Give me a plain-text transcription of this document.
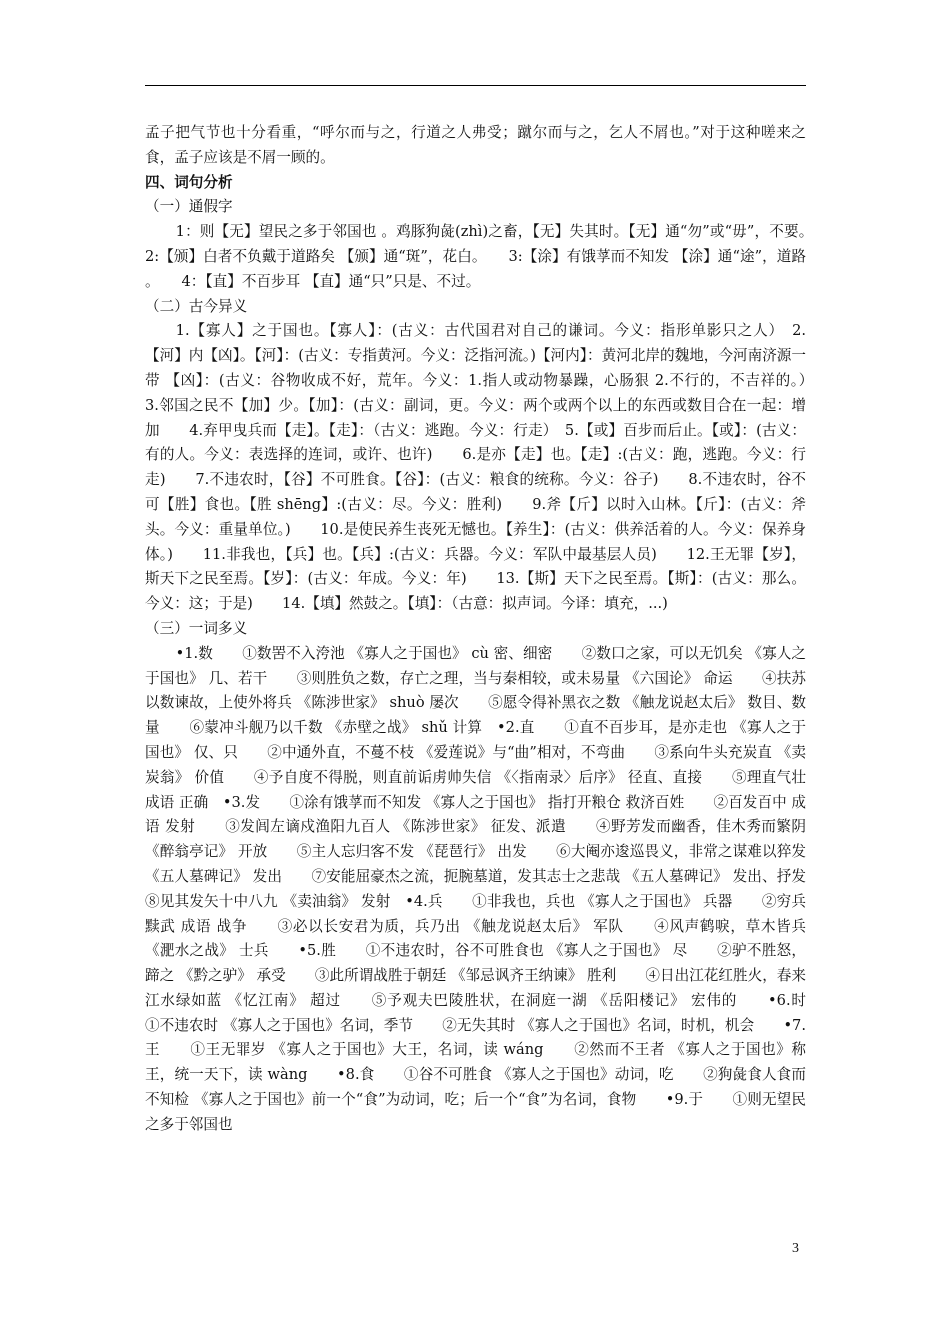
孟子把气节也十分看重，“呼尔而与之，行道之人弗受；蹴尔而与之，乞人不屑也。”对于这种嗟来之食，孟子应该是不屑一顾的。

四、词句分析

（一）通假字

1：则【无】望民之多于邻国也 。鸡豚狗彘(zhì)之畜，【无】失其时。【无】通“勿”或“毋”，不要。　　2:【颁】白者不负戴于道路矣 【颁】通“斑”，花白。　　3:【涂】有饿莩而不知发 【涂】通“途”，道路 。　　4：【直】不百步耳 【直】通“只”只是、不过。

（二）古今异义

1.【寡人】之于国也。【寡人】：(古义：古代国君对自己的谦词。今义：指形单影只之人）　2.【河】内【凶】。【河】：(古义：专指黄河。今义：泛指河流。)【河内】：黄河北岸的魏地，今河南济源一带 【凶】：(古义：谷物收成不好，荒年。今义：1.指人或动物暴躁，心肠狠 2.不行的，不吉祥的。）　　3.邻国之民不【加】少。【加】：(古义：副词，更。今义：两个或两个以上的东西或数目合在一起：增加　　4.弃甲曳兵而【走】。【走】：（古义：逃跑。今义：行走）　5.【或】百步而后止。【或】：(古义：有的人。今义：表选择的连词，或许、也许)　　6.是亦【走】也。【走】:(古义：跑，逃跑。今义：行走)　　7.不违农时，【谷】不可胜食。【谷】：(古义：粮食的统称。今义：谷子)　　8.不违农时，谷不可【胜】食也。【胜 shēng】:(古义：尽。今义：胜利)　　9.斧【斤】以时入山林。【斤】：(古义：斧头。今义：重量单位。)　　10.是使民养生丧死无憾也。【养生】：(古义：供养活着的人。今义：保养身体。)　　11.非我也，【兵】也。【兵】:(古义：兵器。今义：军队中最基层人员)　　12.王无罪【岁】，斯天下之民至焉。【岁】：(古义：年成。今义：年)　　13.【斯】天下之民至焉。【斯】：(古义：那么。今义：这；于是)　　14.【填】然鼓之。【填】：（古意：拟声词。今译：填充，...)

（三）一词多义

•1.数　　①数罟不入洿池 《寡人之于国也》 cù 密、细密　　②数口之家，可以无饥矣 《寡人之于国也》 几、若干　　③则胜负之数，存亡之理，当与秦相较，或未易量 《六国论》 命运　　④扶苏以数谏故，上使外将兵 《陈涉世家》 shuò 屡次　　⑤愿令得补黑衣之数 《触龙说赵太后》 数目、数量　　⑥蒙冲斗舰乃以千数 《赤壁之战》 shǔ 计算　•2.直　　①直不百步耳，是亦走也 《寡人之于国也》 仅、只　　②中通外直，不蔓不枝 《爱莲说》与“曲”相对，不弯曲　　③系向牛头充炭直 《卖炭翁》 价值　　④予自度不得脱，则直前诟虏帅失信 《〈指南录〉后序》 径直、直接　　⑤理直气壮 成语 正确　•3.发　　①涂有饿莩而不知发 《寡人之于国也》 指打开粮仓 救济百姓　　②百发百中 成语 发射　　③发闾左谪戍渔阳九百人 《陈涉世家》 征发、派遣　　④野芳发而幽香，佳木秀而繁阴 《醉翁亭记》 开放　　⑤主人忘归客不发 《琵琶行》 出发　　⑥大阉亦逡巡畏义，非常之谋难以猝发 《五人墓碑记》 发出　　⑦安能屈豪杰之流，扼腕墓道，发其志士之悲哉 《五人墓碑记》 发出、抒发　　⑧见其发矢十中八九 《卖油翁》 发射　•4.兵　　①非我也，兵也 《寡人之于国也》 兵器　　②穷兵黩武 成语 战争　　③必以长安君为质，兵乃出 《触龙说赵太后》 军队　　④风声鹤唳，草木皆兵 《淝水之战》 士兵　　•5.胜　　①不违农时，谷不可胜食也 《寡人之于国也》 尽　　②驴不胜怒，蹄之 《黔之驴》 承受　　③此所谓战胜于朝廷 《邹忌讽齐王纳谏》 胜利　　④日出江花红胜火，春来江水绿如蓝 《忆江南》 超过　　⑤予观夫巴陵胜状，在洞庭一湖 《岳阳楼记》 宏伟的　　•6.时　　①不违农时 《寡人之于国也》名词，季节　　②无失其时 《寡人之于国也》名词，时机，机会　　•7.王　　①王无罪岁 《寡人之于国也》大王，名词，读 wáng　　②然而不王者 《寡人之于国也》称王，统一天下，读 wàng　　•8.食　　①谷不可胜食 《寡人之于国也》动词，吃　　②狗彘食人食而不知检 《寡人之于国也》前一个“食”为动词，吃；后一个“食”为名词，食物　　•9.于　　①则无望民之多于邻国也

3
